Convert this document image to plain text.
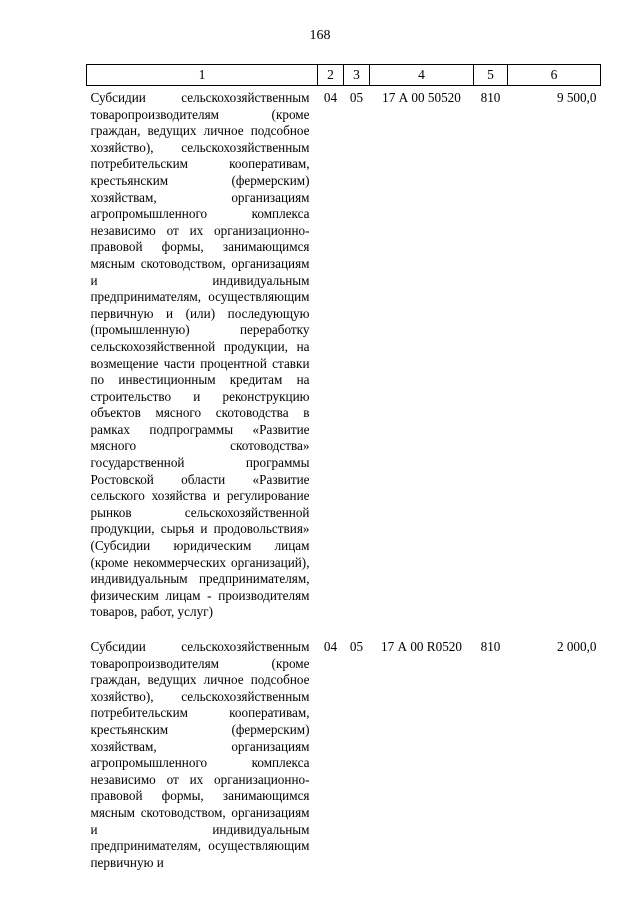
168
1	2	3	4	5	6
Субсидии сельскохозяйственным товаропроизводителям (кроме граждан, ведущих личное подсобное хозяйство), сельскохозяйственным потребительским кооперативам, крестьянским (фермерским) хозяйствам, организациям агропромышленного комплекса независимо от их организационно-правовой формы, занимающимся мясным скотоводством, организациям и индивидуальным предпринимателям, осуществляющим первичную и (или) последующую (промышленную) переработку сельскохозяйственной продукции, на возмещение части процентной ставки по инвестиционным кредитам на строительство и реконструкцию объектов мясного скотоводства в рамках подпрограммы «Развитие мясного скотоводства» государственной программы Ростовской области «Развитие сельского хозяйства и регулирование рынков сельскохозяйственной продукции, сырья и продовольствия» (Субсидии юридическим лицам (кроме некоммерческих организаций), индивидуальным предпринимателям, физическим лицам - производителям товаров, работ, услуг)	04	05	17 А 00 50520	810	9 500,0

Субсидии сельскохозяйственным товаропроизводителям (кроме граждан, ведущих личное подсобное хозяйство), сельскохозяйственным потребительским кооперативам, крестьянским (фермерским) хозяйствам, организациям агропромышленного комплекса независимо от их организационно-правовой формы, занимающимся мясным скотоводством, организациям и индивидуальным предпринимателям, осуществляющим первичную и	04	05	17 А 00 R0520	810	2 000,0
